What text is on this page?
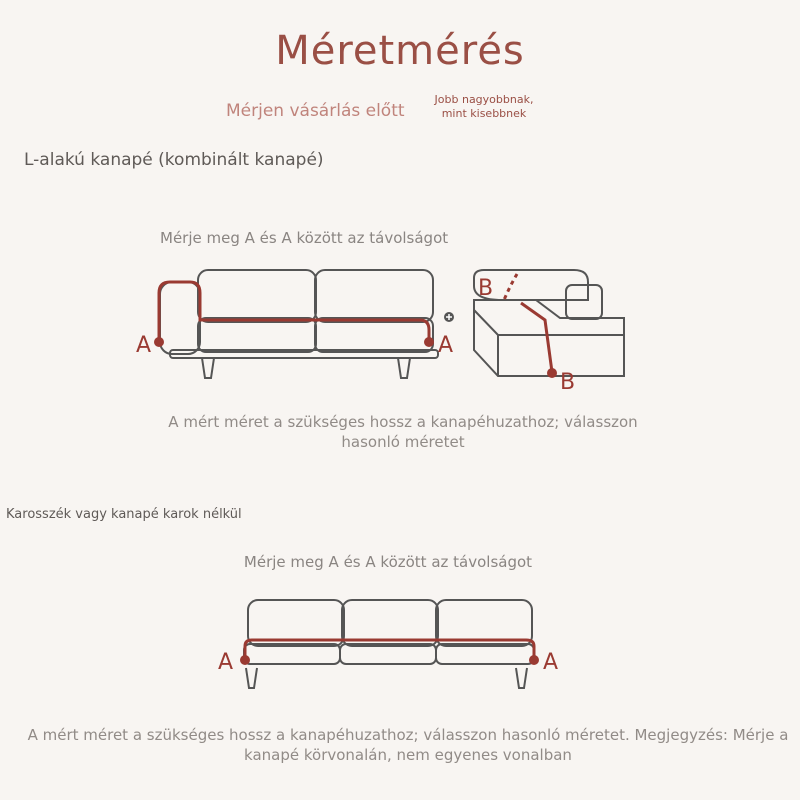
Méretmérés
Mérjen vásárlás előtt
Jobb nagyobbnak, mint kisebbnek
L-alakú kanapé (kombinált kanapé)
Mérje meg A és A között az távolságot
A	A
B
B
A	A
A mért méret a szükséges hossz a kanapéhuzathoz; válasszon hasonló méretet
Karosszék vagy kanapé karok nélkül
Mérje meg A és A között az távolságot
A mért méret a szükséges hossz a kanapéhuzathoz; válasszon hasonló méretet. Megjegyzés: Mérje a kanapé körvonalán, nem egyenes vonalban
